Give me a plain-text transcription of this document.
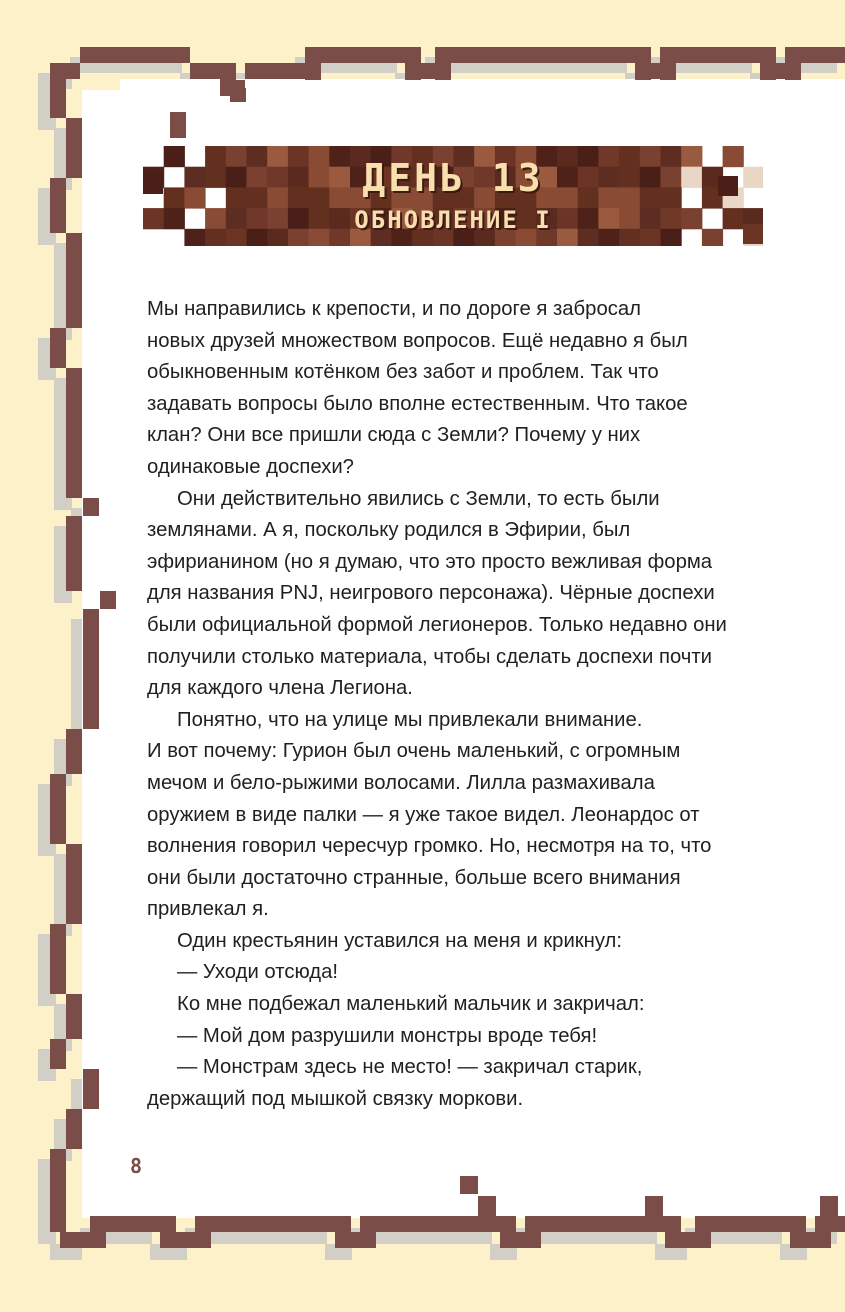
ДЕНЬ 13
ОБНОВЛЕНИЕ I

Мы направились к крепости, и по дороге я забросал

новых друзей множеством вопросов. Ещё недавно я был

обыкновенным котёнком без забот и проблем. Так что

задавать вопросы было вполне естественным. Что такое

клан? Они все пришли сюда с Земли? Почему у них

одинаковые доспехи?

Они действительно явились с Земли, то есть были

землянами. А я, поскольку родился в Эфирии, был

эфирианином (но я думаю, что это просто вежливая форма

для названия PNJ, неигрового персонажа). Чёрные доспехи

были официальной формой легионеров. Только недавно они

получили столько материала, чтобы сделать доспехи почти

для каждого члена Легиона.

Понятно, что на улице мы привлекали внимание.

И вот почему: Гурион был очень маленький, с огромным

мечом и бело-рыжими волосами. Лилла размахивала

оружием в виде палки — я уже такое видел. Леонардос от

волнения говорил чересчур громко. Но, несмотря на то, что

они были достаточно странные, больше всего внимания

привлекал я.

Один крестьянин уставился на меня и крикнул:

— Уходи отсюда!

Ко мне подбежал маленький мальчик и закричал:

— Мой дом разрушили монстры вроде тебя!

— Монстрам здесь не место! — закричал старик,

держащий под мышкой связку моркови.

8
